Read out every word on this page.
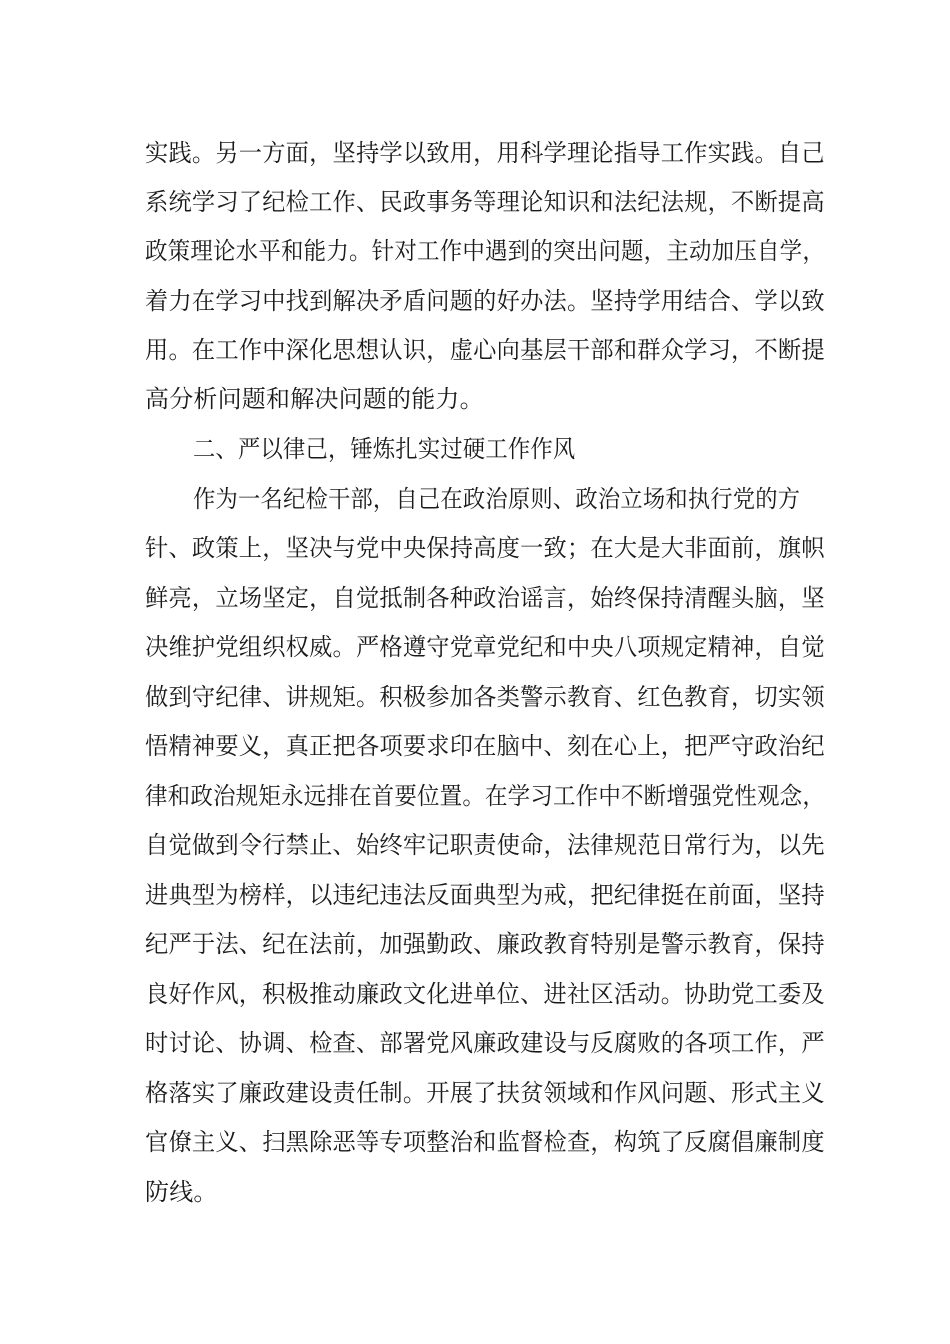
实践。另一方面，坚持学以致用，用科学理论指导工作实践。自己
系统学习了纪检工作、民政事务等理论知识和法纪法规，不断提高
政策理论水平和能力。针对工作中遇到的突出问题，主动加压自学，
着力在学习中找到解决矛盾问题的好办法。坚持学用结合、学以致
用。在工作中深化思想认识，虚心向基层干部和群众学习，不断提
高分析问题和解决问题的能力。
二、严以律己，锤炼扎实过硬工作作风
作为一名纪检干部，自己在政治原则、政治立场和执行党的方
针、政策上，坚决与党中央保持高度一致；在大是大非面前，旗帜
鲜亮，立场坚定，自觉抵制各种政治谣言，始终保持清醒头脑，坚
决维护党组织权威。严格遵守党章党纪和中央八项规定精神，自觉
做到守纪律、讲规矩。积极参加各类警示教育、红色教育，切实领
悟精神要义，真正把各项要求印在脑中、刻在心上，把严守政治纪
律和政治规矩永远排在首要位置。在学习工作中不断增强党性观念，
自觉做到令行禁止、始终牢记职责使命，法律规范日常行为，以先
进典型为榜样，以违纪违法反面典型为戒，把纪律挺在前面，坚持
纪严于法、纪在法前，加强勤政、廉政教育特别是警示教育，保持
良好作风，积极推动廉政文化进单位、进社区活动。协助党工委及
时讨论、协调、检查、部署党风廉政建设与反腐败的各项工作，严
格落实了廉政建设责任制。开展了扶贫领域和作风问题、形式主义
官僚主义、扫黑除恶等专项整治和监督检查，构筑了反腐倡廉制度
防线。
